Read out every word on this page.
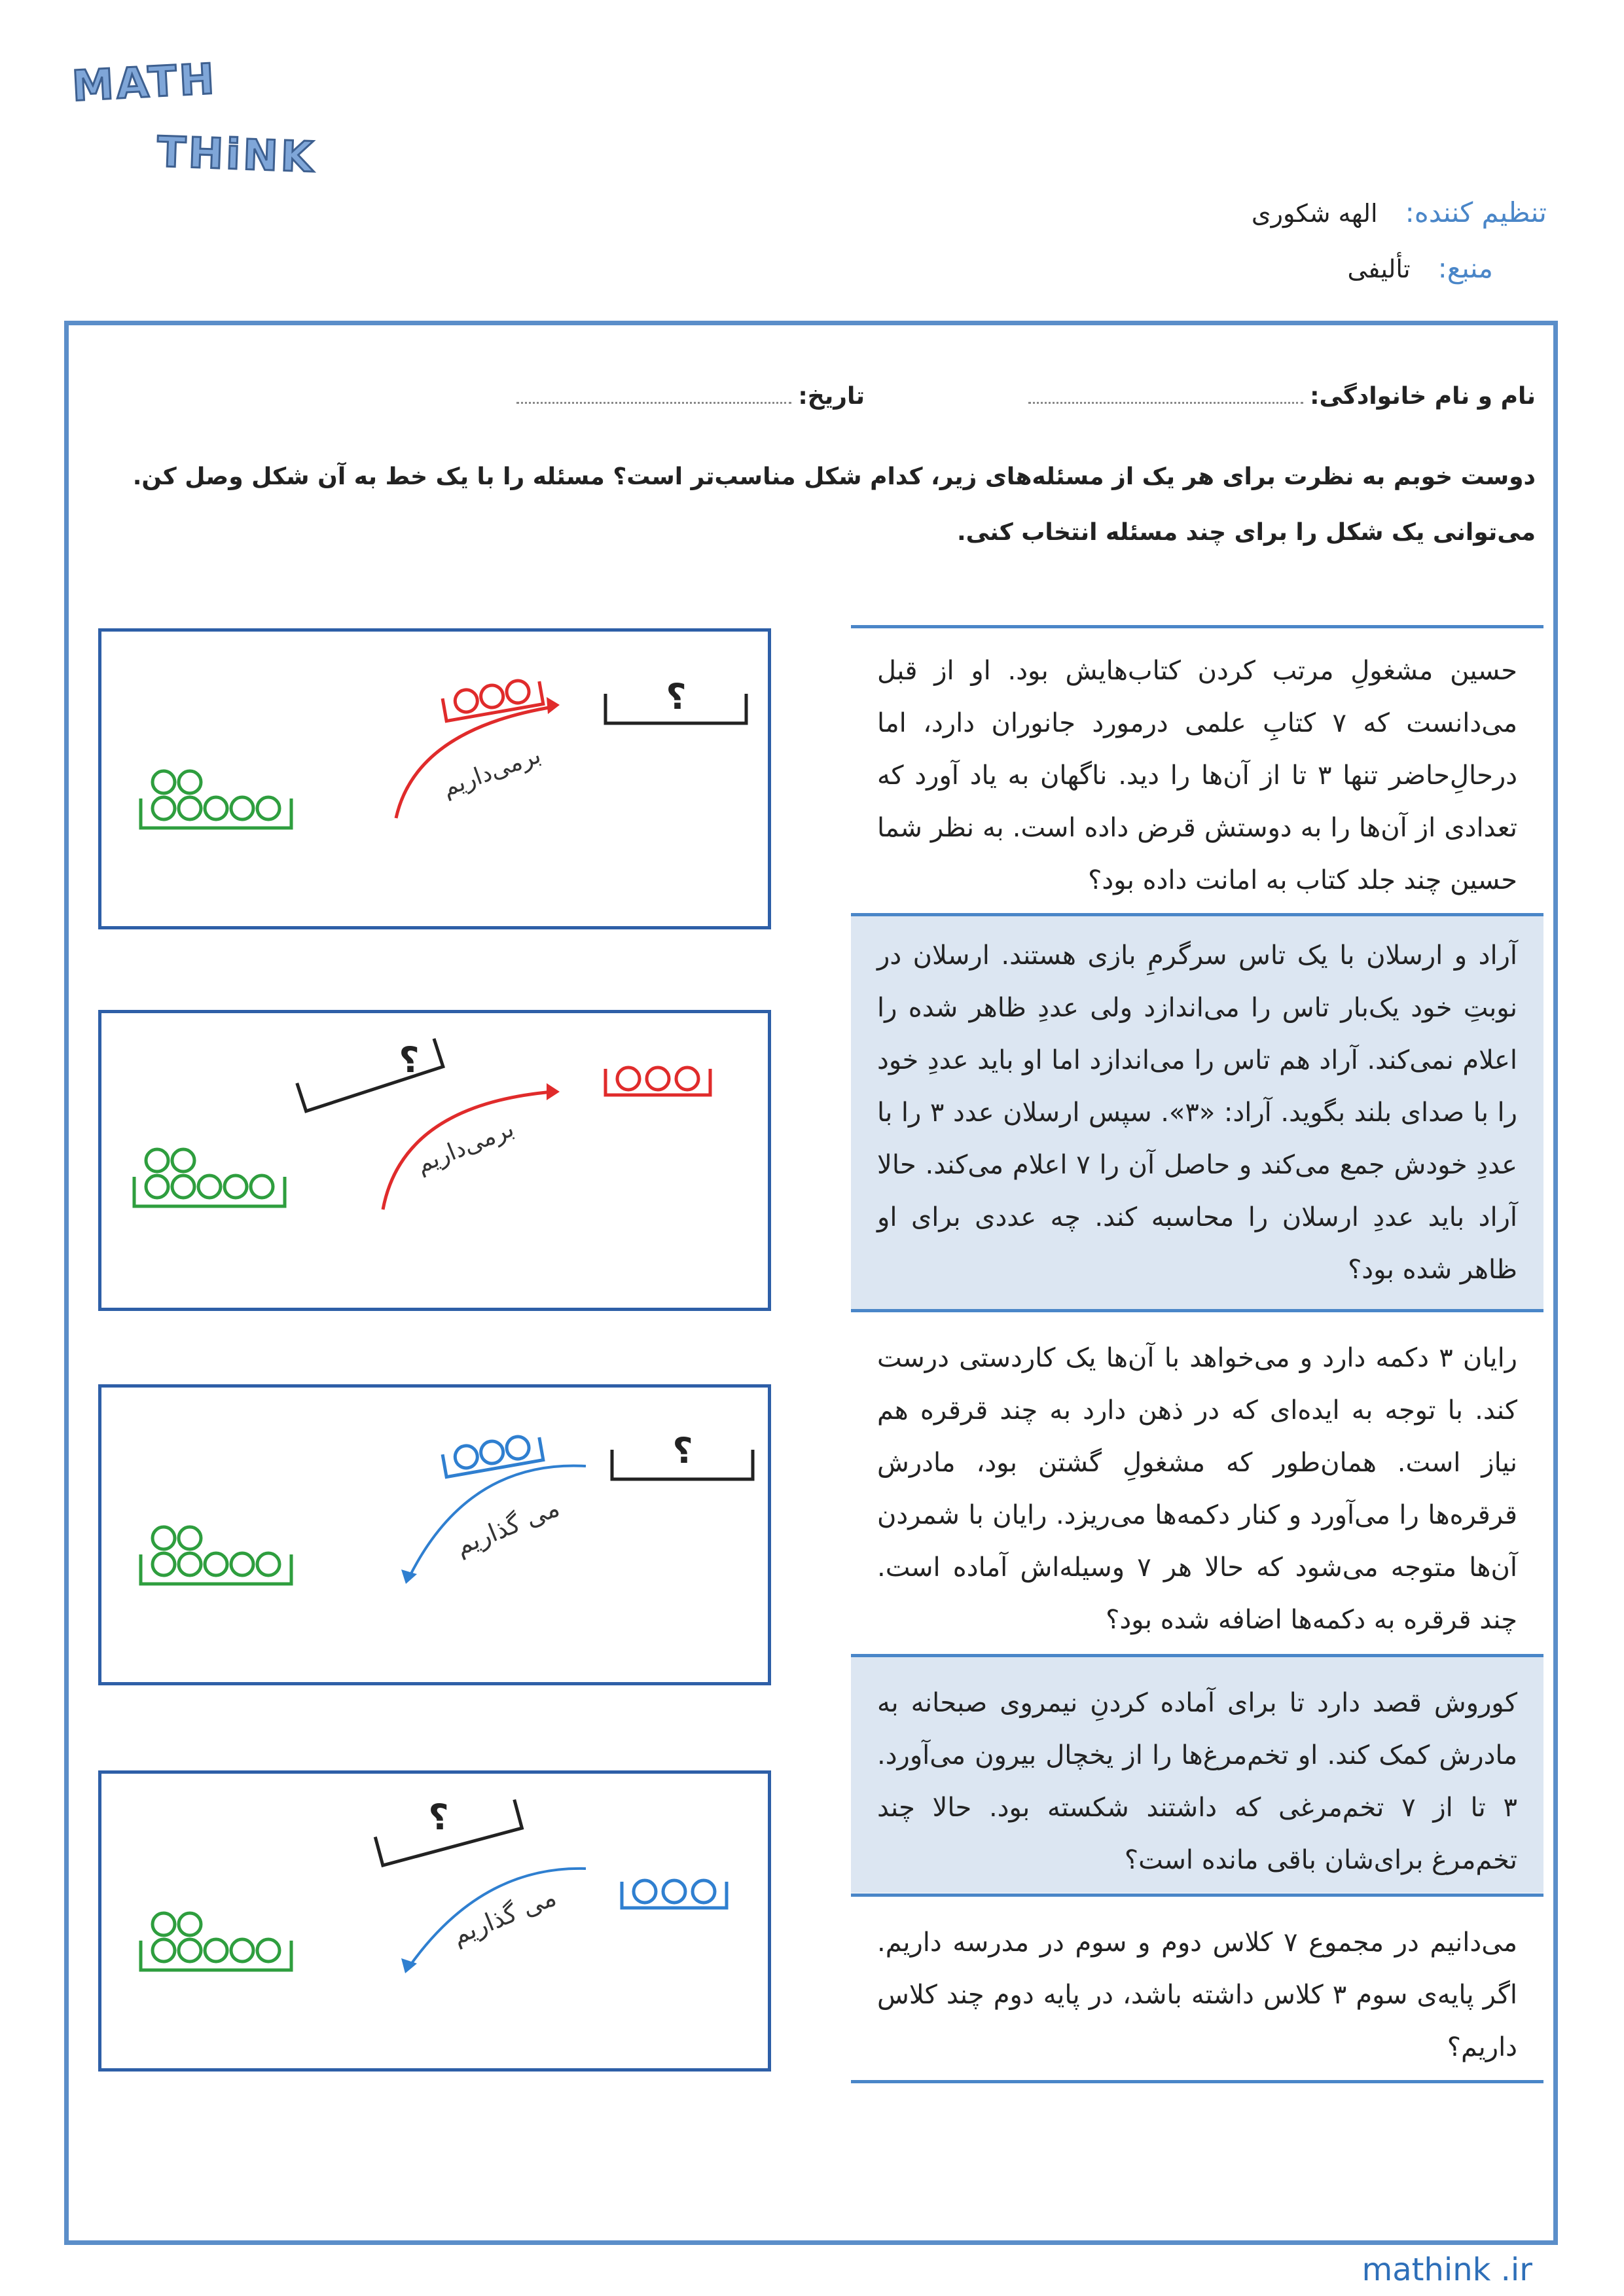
MATH
THiNK
تنظیم کننده: الهه شکوری
منبع: تألیفی
نام و نام خانوادگی:
تاریخ:
دوست خوبم به نظرت برای هر یک از مسئله‌های زیر، کدام شکل مناسب‌تر است؟ مسئله را با یک خط به آن شکل وصل کن.
می‌توانی یک شکل را برای چند مسئله انتخاب کنی.
حسین مشغولِ مرتب کردن کتاب‌هایش بود. او از قبل می‌دانست که ۷ کتابِ علمی درمورد جانوران دارد، اما درحالِ‌حاضر تنها ۳ تا از آن‌ها را دید. ناگهان به یاد آورد که تعدادی از آن‌ها را به دوستش قرض داده است. به نظر شما حسین چند جلد کتاب به امانت داده بود؟
آراد و ارسلان با یک تاس سرگرمِ بازی هستند. ارسلان در نوبتِ خود یک‌بار تاس را می‌اندازد ولی عددِ ظاهر شده را اعلام نمی‌کند. آراد هم تاس را می‌اندازد اما او باید عددِ خود را با صدای بلند بگوید. آراد: «۳». سپس ارسلان عدد ۳ را با عددِ خودش جمع می‌کند و حاصل آن را ۷ اعلام می‌کند. حالا آراد باید عددِ ارسلان را محاسبه کند. چه عددی برای او ظاهر شده بود؟
رایان ۳ دکمه دارد و می‌خواهد با آن‌ها یک کاردستی درست کند. با توجه به ایده‌ای که در ذهن دارد به چند قرقره هم نیاز است. همان‌طور که مشغولِ گشتن بود، مادرش قرقره‌ها را می‌آورد و کنار دکمه‌ها می‌ریزد. رایان با شمردن آن‌ها متوجه می‌شود که حالا هر ۷ وسیله‌اش آماده است. چند قرقره به دکمه‌ها اضافه شده بود؟
کوروش قصد دارد تا برای آماده کردنِ نیمروی صبحانه به مادرش کمک کند. او تخم‌مرغ‌ها را از یخچال بیرون می‌آورد. ۳ تا از ۷ تخم‌مرغی که داشتند شکسته بود. حالا چند تخم‌مرغ برای‌شان باقی مانده است؟
می‌دانیم در مجموع ۷ کلاس دوم و سوم در مدرسه داریم. اگر پایه‌ی سوم ۳ کلاس داشته باشد، در پایه دوم چند کلاس داریم؟
برمی‌داریم
؟
؟
برمی‌داریم
می گذاریم
؟
؟
می گذاریم
mathink .ir
